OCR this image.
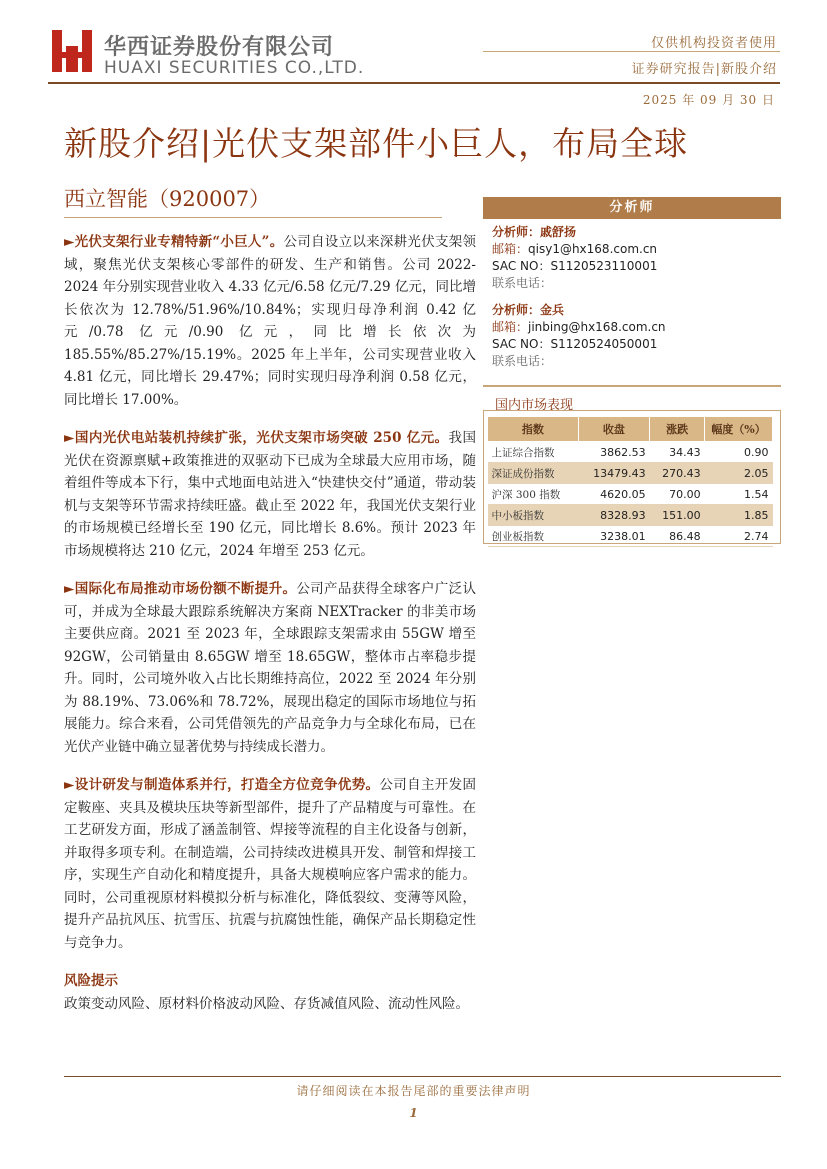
华西证券股份有限公司
HUAXI SECURITIES CO.,LTD.
仅供机构投资者使用
证券研究报告|新股介绍
2025 年 09 月 30 日
新股介绍|光伏支架部件小巨人，布局全球
西立智能（920007）

►光伏支架行业专精特新“小巨人”。公司自设立以来深耕光伏支架领域，聚焦光伏支架核心零部件的研发、生产和销售。公司 2022-2024 年分别实现营业收入 4.33 亿元/6.58 亿元/7.29 亿元，同比增长依次为 12.78%/51.96%/10.84%；实现归母净利润 0.42 亿元/0.78 亿元/0.90 亿元，同比增长依次为 185.55%/85.27%/15.19%。2025 年上半年，公司实现营业收入 4.81 亿元，同比增长 29.47%；同时实现归母净利润 0.58 亿元，同比增长 17.00%。

►国内光伏电站装机持续扩张，光伏支架市场突破 250 亿元。我国光伏在资源禀赋+政策推进的双驱动下已成为全球最大应用市场，随着组件等成本下行，集中式地面电站进入“快建快交付”通道，带动装机与支架等环节需求持续旺盛。截止至 2022 年，我国光伏支架行业的市场规模已经增长至 190 亿元，同比增长 8.6%。预计 2023 年市场规模将达 210 亿元，2024 年增至 253 亿元。

►国际化布局推动市场份额不断提升。公司产品获得全球客户广泛认可，并成为全球最大跟踪系统解决方案商 NEXTracker 的非美市场主要供应商。2021 至 2023 年，全球跟踪支架需求由 55GW 增至 92GW，公司销量由 8.65GW 增至 18.65GW，整体市占率稳步提升。同时，公司境外收入占比长期维持高位，2022 至 2024 年分别为 88.19%、73.06%和 78.72%，展现出稳定的国际市场地位与拓展能力。综合来看，公司凭借领先的产品竞争力与全球化布局，已在光伏产业链中确立显著优势与持续成长潜力。

►设计研发与制造体系并行，打造全方位竞争优势。公司自主开发固定鞍座、夹具及模块压块等新型部件，提升了产品精度与可靠性。在工艺研发方面，形成了涵盖制管、焊接等流程的自主化设备与创新，并取得多项专利。在制造端，公司持续改进模具开发、制管和焊接工序，实现生产自动化和精度提升，具备大规模响应客户需求的能力。同时，公司重视原材料模拟分析与标准化，降低裂纹、变薄等风险，提升产品抗风压、抗雪压、抗震与抗腐蚀性能，确保产品长期稳定性与竞争力。

风险提示
政策变动风险、原材料价格波动风险、存货减值风险、流动性风险。
分析师
分析师：戚舒扬
邮箱：qisy1@hx168.com.cn
SAC NO：S1120523110001
联系电话：
分析师：金兵
邮箱：jinbing@hx168.com.cn
SAC NO：S1120524050001
联系电话：
国内市场表现
指数	收盘	涨跌	幅度（%）
上证综合指数	3862.53	34.43	0.90
深证成份指数	13479.43	270.43	2.05
沪深 300 指数	4620.05	70.00	1.54
中小板指数	8328.93	151.00	1.85
创业板指数	3238.01	86.48	2.74
请仔细阅读在本报告尾部的重要法律声明
1
